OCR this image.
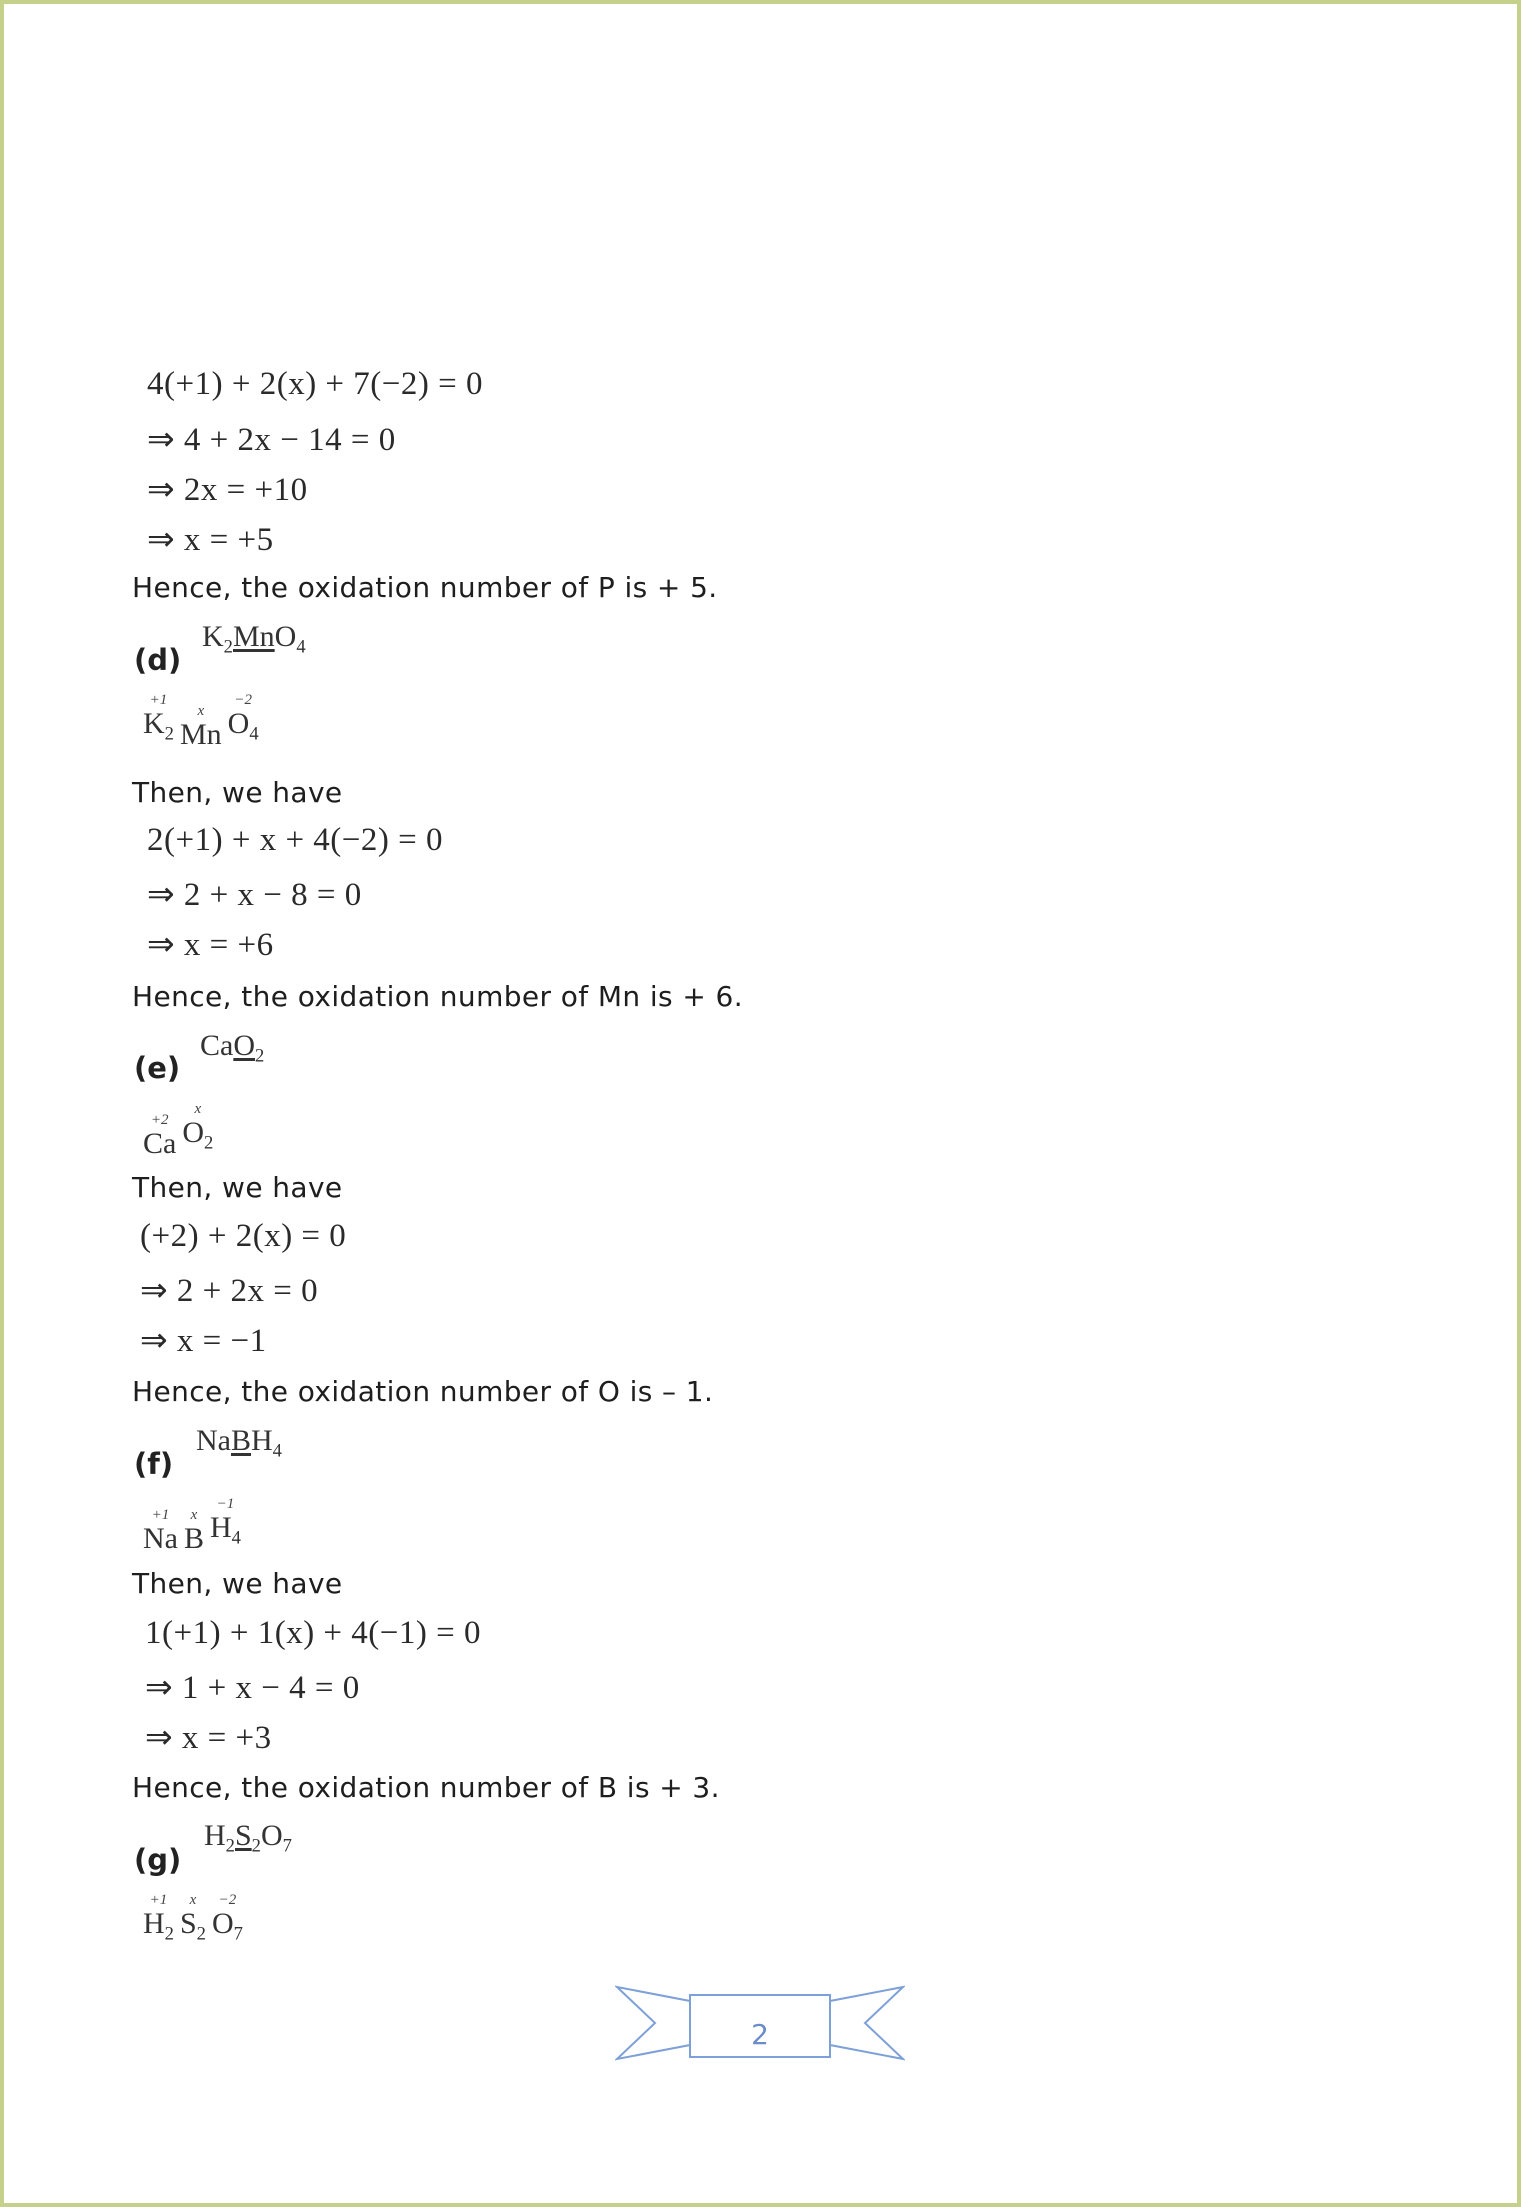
4(+1) + 2(x) + 7(−2) = 0
⇒ 4 + 2x − 14 = 0
⇒ 2x = +10
⇒ x = +5
Hence, the oxidation number of P is + 5.
(d)
$K_2MnO_4$
+1
$K_2$
x
Mn
−2
$O_4$
Then, we have
2(+1) + x + 4(−2) = 0
⇒ 2 + x − 8 = 0
⇒ x = +6
Hence, the oxidation number of Mn is + 6.
(e)
CaO$_2$
+2
Ca
x
$O_2$
Then, we have
(+2) + 2(x) = 0
⇒ 2 + 2x = 0
⇒ x = −1
Hence, the oxidation number of O is – 1.
(f)
NaBH$_4$
+1
Na
x
B
−1
$H_4$
Then, we have
1(+1) + 1(x) + 4(−1) = 0
⇒ 1 + x − 4 = 0
⇒ x = +3
Hence, the oxidation number of B is + 3.
(g)
$H_2S_2O_7$
+1
$H_2$
x
$S_2$
−2
$O_7$
2
